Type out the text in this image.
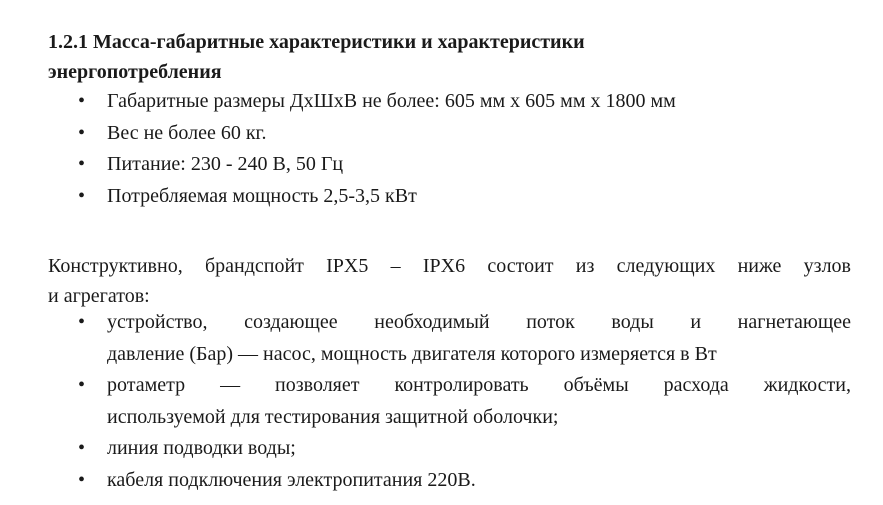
1.2.1 Масса-габаритные характеристики и характеристики
энергопотребления
• Габаритные размеры ДхШхВ не более: 605 мм х 605 мм х 1800 мм
• Вес не более 60 кг.
• Питание: 230 - 240 В, 50 Гц
• Потребляемая мощность 2,5-3,5 кВт

Конструктивно, брандспойт IPX5 – IPX6 состоит из следующих ниже узлов
и агрегатов:

• устройство, создающее необходимый поток воды и нагнетающее
давление (Бар) — насос, мощность двигателя которого измеряется в Вт
• ротаметр — позволяет контролировать объёмы расхода жидкости,
используемой для тестирования защитной оболочки;
• линия подводки воды;
• кабеля подключения электропитания 220В.
